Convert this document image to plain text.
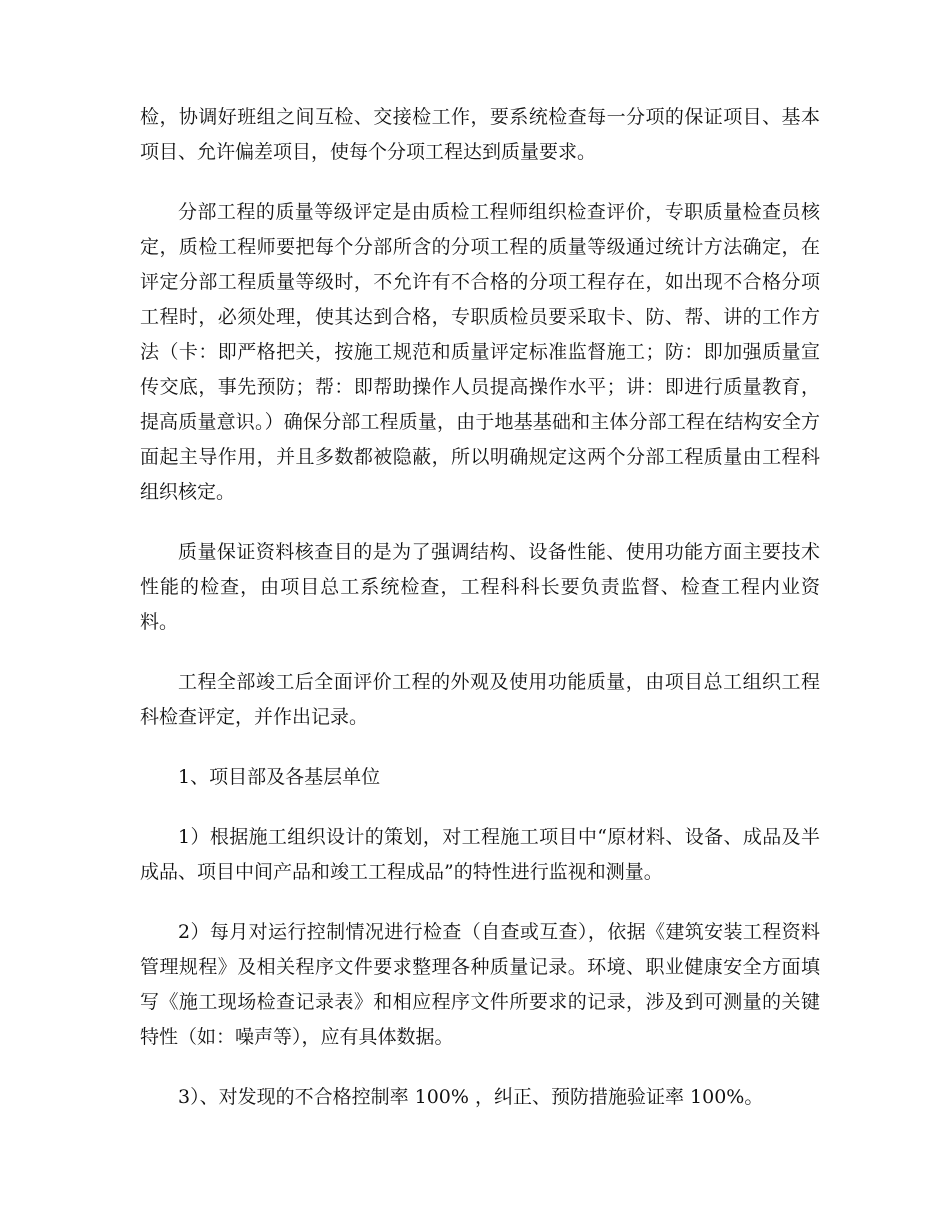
检，协调好班组之间互检、交接检工作，要系统检查每一分项的保证项目、基本项目、允许偏差项目，使每个分项工程达到质量要求。

分部工程的质量等级评定是由质检工程师组织检查评价，专职质量检查员核定，质检工程师要把每个分部所含的分项工程的质量等级通过统计方法确定，在评定分部工程质量等级时，不允许有不合格的分项工程存在，如出现不合格分项工程时，必须处理，使其达到合格，专职质检员要采取卡、防、帮、讲的工作方法（卡：即严格把关，按施工规范和质量评定标准监督施工；防：即加强质量宣传交底，事先预防；帮：即帮助操作人员提高操作水平；讲：即进行质量教育，提高质量意识。）确保分部工程质量，由于地基基础和主体分部工程在结构安全方面起主导作用，并且多数都被隐蔽，所以明确规定这两个分部工程质量由工程科组织核定。

质量保证资料核查目的是为了强调结构、设备性能、使用功能方面主要技术性能的检查，由项目总工系统检查，工程科科长要负责监督、检查工程内业资料。

工程全部竣工后全面评价工程的外观及使用功能质量，由项目总工组织工程科检查评定，并作出记录。

1、项目部及各基层单位

1）根据施工组织设计的策划，对工程施工项目中“原材料、设备、成品及半成品、项目中间产品和竣工工程成品”的特性进行监视和测量。

2）每月对运行控制情况进行检查（自查或互查），依据《建筑安装工程资料管理规程》及相关程序文件要求整理各种质量记录。环境、职业健康安全方面填写《施工现场检查记录表》和相应程序文件所要求的记录，涉及到可测量的关键特性（如：噪声等），应有具体数据。

3）、对发现的不合格控制率 100% ，纠正、预防措施验证率 100%。
